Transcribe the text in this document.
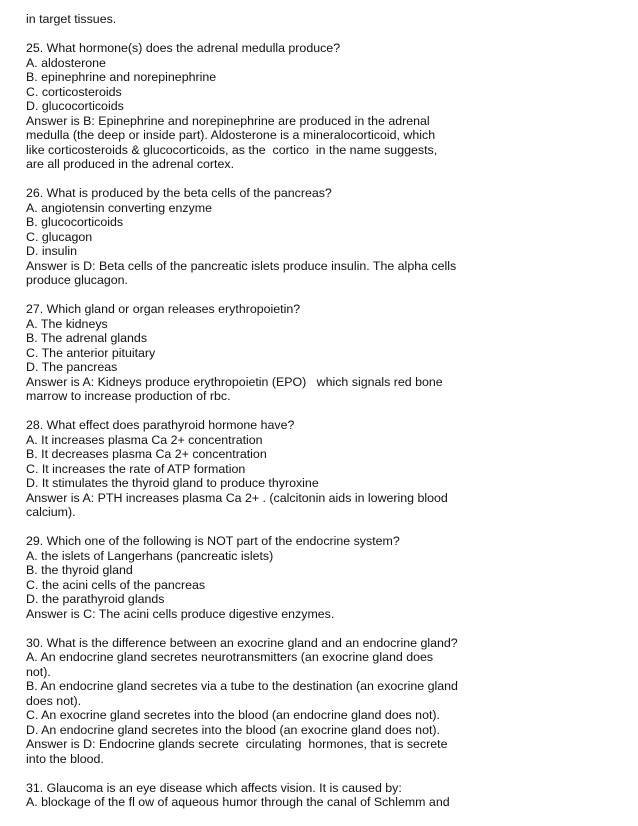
in target tissues.
25. What hormone(s) does the adrenal medulla produce?
A. aldosterone
B. epinephrine and norepinephrine
C. corticosteroids
D. glucocorticoids
Answer is B: Epinephrine and norepinephrine are produced in the adrenal
medulla (the deep or inside part). Aldosterone is a mineralocorticoid, which
like corticosteroids & glucocorticoids, as the  cortico  in the name suggests,
are all produced in the adrenal cortex.
26. What is produced by the beta cells of the pancreas?
A. angiotensin converting enzyme
B. glucocorticoids
C. glucagon
D. insulin
Answer is D: Beta cells of the pancreatic islets produce insulin. The alpha cells
produce glucagon.
27. Which gland or organ releases erythropoietin?
A. The kidneys
B. The adrenal glands
C. The anterior pituitary
D. The pancreas
Answer is A: Kidneys produce erythropoietin (EPO)   which signals red bone
marrow to increase production of rbc.
28. What effect does parathyroid hormone have?
A. It increases plasma Ca 2+ concentration
B. It decreases plasma Ca 2+ concentration
C. It increases the rate of ATP formation
D. It stimulates the thyroid gland to produce thyroxine
Answer is A: PTH increases plasma Ca 2+ . (calcitonin aids in lowering blood
calcium).
29. Which one of the following is NOT part of the endocrine system?
A. the islets of Langerhans (pancreatic islets)
B. the thyroid gland
C. the acini cells of the pancreas
D. the parathyroid glands
Answer is C: The acini cells produce digestive enzymes.
30. What is the difference between an exocrine gland and an endocrine gland?
A. An endocrine gland secretes neurotransmitters (an exocrine gland does
not).
B. An endocrine gland secretes via a tube to the destination (an exocrine gland
does not).
C. An exocrine gland secretes into the blood (an endocrine gland does not).
D. An endocrine gland secretes into the blood (an exocrine gland does not).
Answer is D: Endocrine glands secrete  circulating  hormones, that is secrete
into the blood.
31. Glaucoma is an eye disease which affects vision. It is caused by:
A. blockage of the fl ow of aqueous humor through the canal of Schlemm and
